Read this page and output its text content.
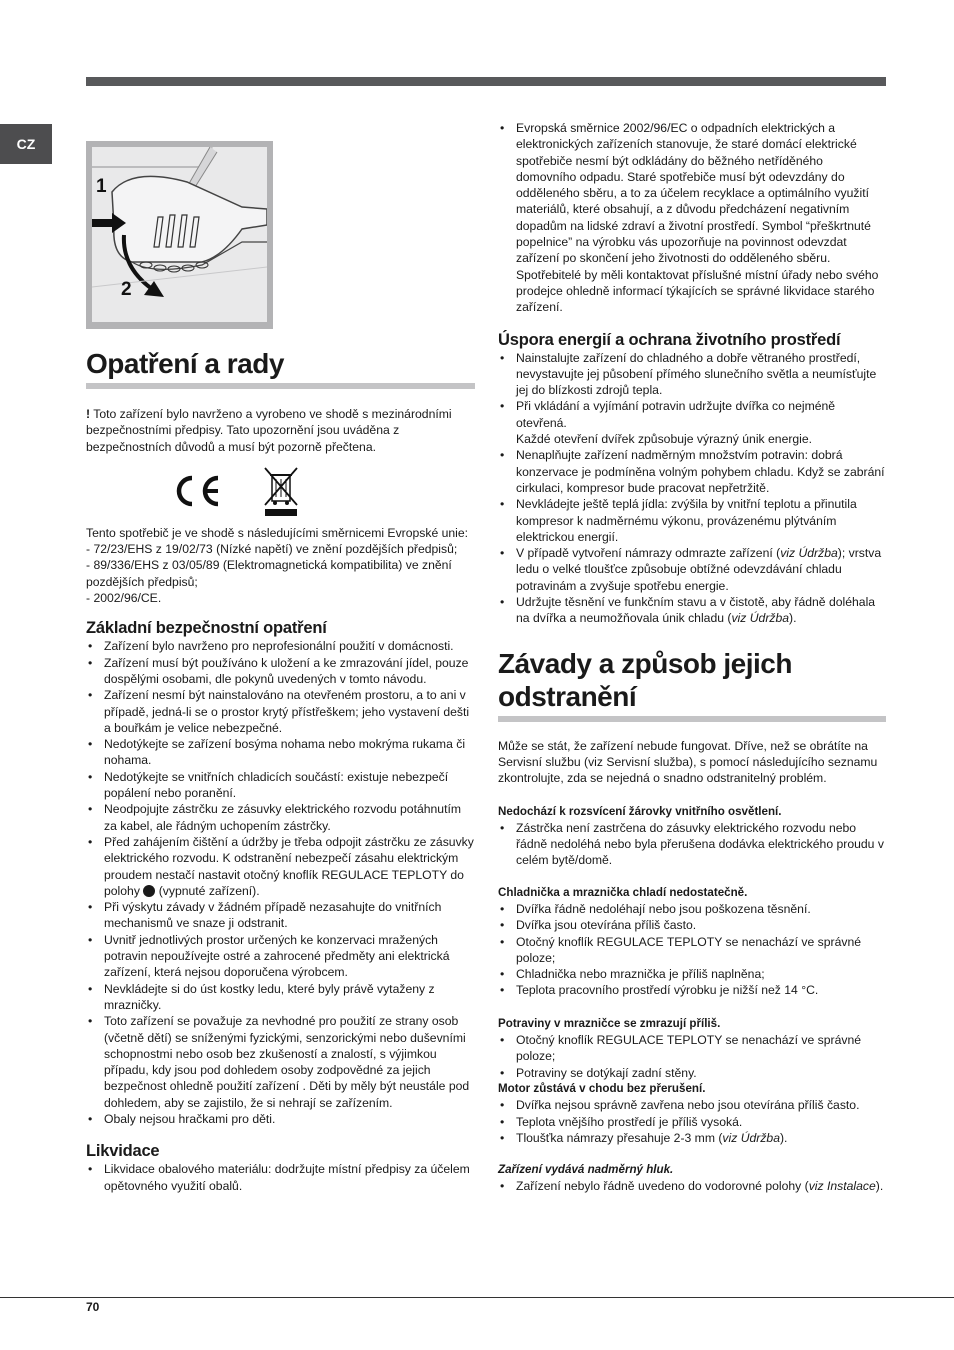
CZ
1
2
Opatření a rady

! Toto zařízení bylo navrženo a vyrobeno ve shodě s mezinárodními bezpečnostními předpisy. Tato upozornění jsou uváděna z bezpečnostních důvodů a musí být pozorně přečtena.

Tento spotřebič je ve shodě s následujícími směrnicemi Evropské unie:

- 72/23/EHS z 19/02/73 (Nízké napětí) ve znění pozdějších předpisů;

- 89/336/EHS z 03/05/89 (Elektromagnetická kompatibilita) ve znění pozdějších předpisů;

- 2002/96/CE.

Základní bezpečnostní opatření
• Zařízení bylo navrženo pro neprofesionální použití v domácnosti.
• Zařízení musí být používáno k uložení a ke zmrazování jídel, pouze dospělými osobami, dle pokynů uvedených v tomto návodu.
• Zařízení nesmí být nainstalováno na otevřeném prostoru, a to ani v případě, jedná-li se o prostor krytý přístřeškem; jeho vystavení dešti a bouřkám je velice nebezpečné.
• Nedotýkejte se zařízení bosýma nohama nebo mokrýma rukama či nohama.
• Nedotýkejte se vnitřních chladicích součástí: existuje nebezpečí popálení nebo poranění.
• Neodpojujte zástrčku ze zásuvky elektrického rozvodu potáhnutím za kabel, ale řádným uchopením zástrčky.
• Před zahájením čištění a údržby je třeba odpojit zástrčku ze zásuvky elektrického rozvodu. K odstranění nebezpečí zásahu elektrickým proudem nestačí nastavit otočný knoflík REGULACE TEPLOTY do polohy  (vypnuté zařízení).
• Při výskytu závady v žádném případě nezasahujte do vnitřních mechanismů ve snaze ji odstranit.
• Uvnitř jednotlivých prostor určených ke konzervaci mražených potravin nepoužívejte ostré a zahrocené předměty ani elektrická zařízení, která nejsou doporučena výrobcem.
• Nevkládejte si do úst kostky ledu, které byly právě vytaženy z mrazničky.
• Toto zařízení se považuje za nevhodné pro použití ze strany osob (včetně dětí) se sníženými fyzickými, senzorickými nebo duševními schopnostmi nebo osob bez zkušeností a znalostí, s výjimkou případu, kdy jsou pod dohledem osoby zodpovědné za jejich bezpečnost ohledně použití zařízení . Děti by měly být neustále pod dohledem, aby se zajistilo, že si nehrají se zařízením.
• Obaly nejsou hračkami pro děti.
Likvidace
• Likvidace obalového materiálu: dodržujte místní předpisy za účelem opětovného využití obalů.
• Evropská směrnice 2002/96/EC o odpadních elektrických a elektronických zařízeních stanovuje, že staré domácí elektrické spotřebiče nesmí být odkládány do běžného netříděného domovního odpadu. Staré spotřebiče musí být odevzdány do odděleného sběru, a to za účelem recyklace a optimálního využití materiálů, které obsahují, a z důvodu předcházení negativním dopadům na lidské zdraví a životní prostředí. Symbol “přeškrtnuté popelnice” na výrobku vás upozorňuje na povinnost odevzdat zařízení po skončení jeho životnosti do odděleného sběru. Spotřebitelé by měli kontaktovat příslušné místní úřady nebo svého prodejce ohledně informací týkajících se správné likvidace starého zařízení.
Úspora energií a ochrana životního prostředí
• Nainstalujte zařízení do chladného a dobře větraného prostředí, nevystavujte jej působení přímého slunečního světla a neumísťujte jej do blízkosti zdrojů tepla.
• Při vkládání a vyjímání potravin udržujte dvířka co nejméně otevřená.
Každé otevření dvířek způsobuje výrazný únik energie.
• Nenaplňujte zařízení nadměrným množstvím potravin: dobrá konzervace je podmíněna volným pohybem chladu. Když se zabrání cirkulaci, kompresor bude pracovat nepřetržitě.
• Nevkládejte ještě teplá jídla: zvýšila by vnitřní teplotu a přinutila kompresor k nadměrnému výkonu, provázenému plýtváním elektrickou energií.
• V případě vytvoření námrazy odmrazte zařízení (viz Údržba); vrstva ledu o velké tloušťce způsobuje obtížné odevzdávání chladu potravinám a zvyšuje spotřebu energie.
• Udržujte těsnění ve funkčním stavu a v čistotě, aby řádně doléhala na dvířka a neumožňovala únik chladu (viz Údržba).
Závady a způsob jejich odstranění

Může se stát, že zařízení nebude fungovat. Dříve, než se obrátíte na Servisní službu (viz Servisní služba), s pomocí následujícího seznamu zkontrolujte, zda se nejedná o snadno odstranitelný problém.

Nedochází k rozsvícení žárovky vnitřního osvětlení.

• Zástrčka není zastrčena do zásuvky elektrického rozvodu nebo řádně nedoléhá nebo byla přerušena dodávka elektrického proudu v celém bytě/domě.

Chladnička a mraznička chladí nedostatečně.

• Dvířka řádně nedoléhají nebo jsou poškozena těsnění.
• Dvířka jsou otevírána příliš často.
• Otočný knoflík REGULACE TEPLOTY se nenachází ve správné poloze;
• Chladnička nebo mraznička je příliš naplněna;
• Teplota pracovního prostředí výrobku je nižší než 14 °C.

Potraviny v mrazničce se zmrazují příliš.

• Otočný knoflík REGULACE TEPLOTY se nenachází ve správné poloze;
• Potraviny se dotýkají zadní stěny.

Motor zůstává v chodu bez přerušení.

• Dvířka nejsou správně zavřena nebo jsou otevírána příliš často.
• Teplota vnějšího prostředí je příliš vysoká.
• Tloušťka námrazy přesahuje 2-3 mm (viz Údržba).

Zařízení vydává nadměrný hluk.

• Zařízení nebylo řádně uvedeno do vodorovné polohy (viz Instalace).
70
